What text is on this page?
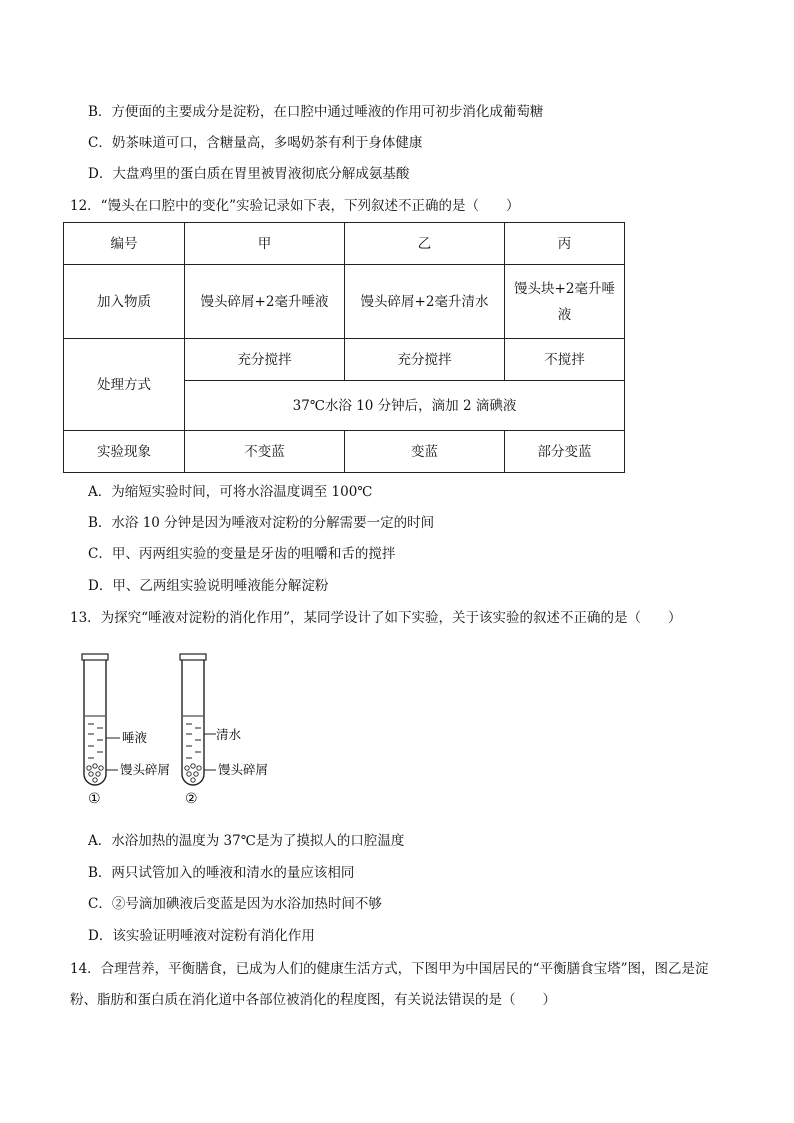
B．方便面的主要成分是淀粉，在口腔中通过唾液的作用可初步消化成葡萄糖
C．奶茶味道可口，含糖量高，多喝奶茶有利于身体健康
D．大盘鸡里的蛋白质在胃里被胃液彻底分解成氨基酸
12．“馒头在口腔中的变化”实验记录如下表，下列叙述不正确的是（　　）
编号	甲	乙	丙
加入物质	馒头碎屑+2毫升唾液	馒头碎屑+2毫升清水	馒头块+2毫升唾液
处理方式	充分搅拌	充分搅拌	不搅拌
	37℃水浴 10 分钟后，滴加 2 滴碘液		
实验现象	不变蓝	变蓝	部分变蓝
A．为缩短实验时间，可将水浴温度调至 100℃
B．水浴 10 分钟是因为唾液对淀粉的分解需要一定的时间
C．甲、丙两组实验的变量是牙齿的咀嚼和舌的搅拌
D．甲、乙两组实验说明唾液能分解淀粉
13．为探究“唾液对淀粉的消化作用”，某同学设计了如下实验，关于该实验的叙述不正确的是（　　）
唾液
馒头碎屑
①
清水
馒头碎屑
②
A．水浴加热的温度为 37℃是为了摸拟人的口腔温度
B．两只试管加入的唾液和清水的量应该相同
C．②号滴加碘液后变蓝是因为水浴加热时间不够
D．该实验证明唾液对淀粉有消化作用
14．合理营养，平衡膳食，已成为人们的健康生活方式，下图甲为中国居民的“平衡膳食宝塔”图，图乙是淀
粉、脂肪和蛋白质在消化道中各部位被消化的程度图，有关说法错误的是（　　）
